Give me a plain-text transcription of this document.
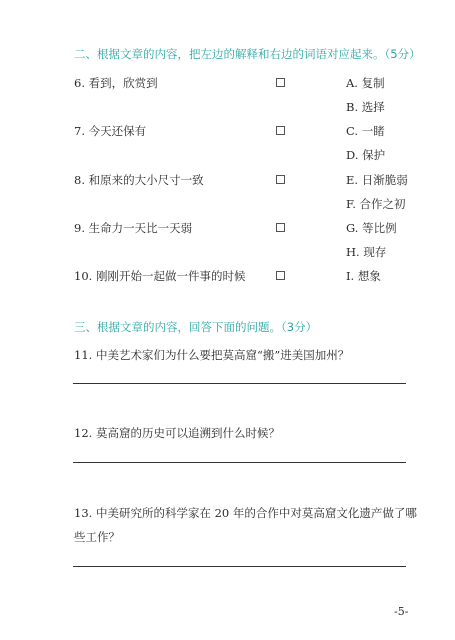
二、根据文章的内容，把左边的解释和右边的词语对应起来。（5分）
6. 看到，欣赏到
7. 今天还保有
8. 和原来的大小尺寸一致
9. 生命力一天比一天弱
10. 刚刚开始一起做一件事的时候
A. 复制
B. 选择
C. 一睹
D. 保护
E. 日渐脆弱
F. 合作之初
G. 等比例
H. 现存
I. 想象
三、根据文章的内容，回答下面的问题。（3分）
11. 中美艺术家们为什么要把莫高窟“搬”进美国加州？
12. 莫高窟的历史可以追溯到什么时候？
13. 中美研究所的科学家在 20 年的合作中对莫高窟文化遗产做了哪
些工作？
-5-
